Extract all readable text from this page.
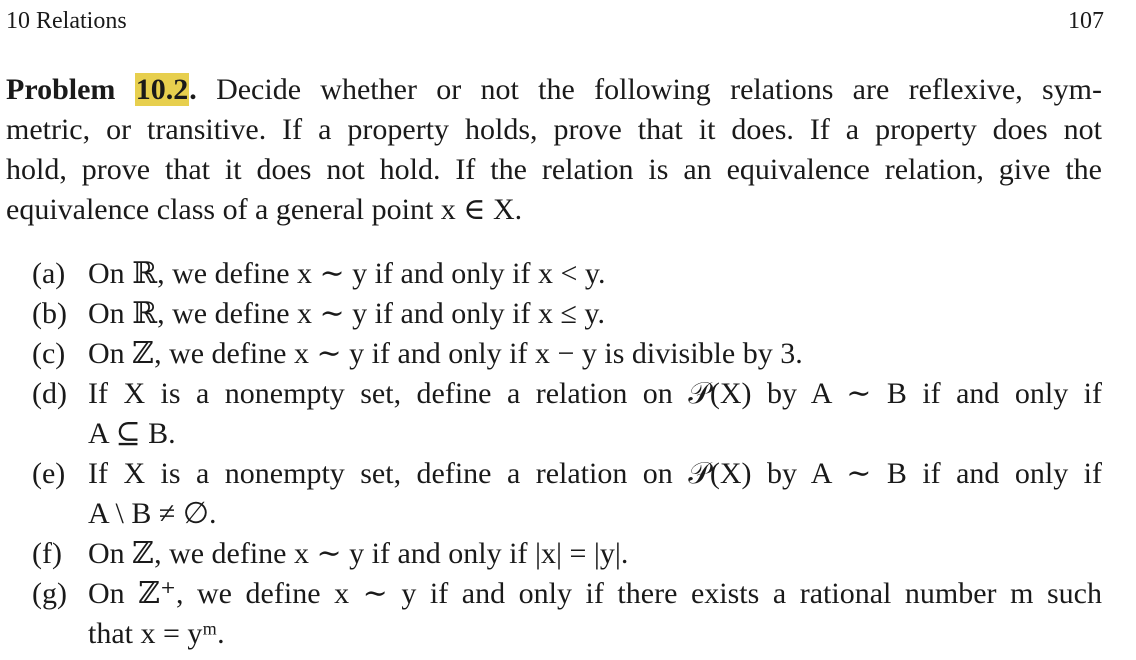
10 Relations	107
Problem 10.2. Decide whether or not the following relations are reflexive, sym-
metric, or transitive. If a property holds, prove that it does. If a property does not
hold, prove that it does not hold. If the relation is an equivalence relation, give the
equivalence class of a general point x ∈ X.
(a) On ℝ, we define x ∼ y if and only if x < y.
(b) On ℝ, we define x ∼ y if and only if x ≤ y.
(c) On ℤ, we define x ∼ y if and only if x − y is divisible by 3.
(d) If X is a nonempty set, define a relation on 𝒫(X) by A ∼ B if and only if
A ⊆ B.
(e) If X is a nonempty set, define a relation on 𝒫(X) by A ∼ B if and only if
A \ B ≠ ∅.
(f) On ℤ, we define x ∼ y if and only if |x| = |y|.
(g) On ℤ⁺, we define x ∼ y if and only if there exists a rational number m such
that x = yᵐ.
